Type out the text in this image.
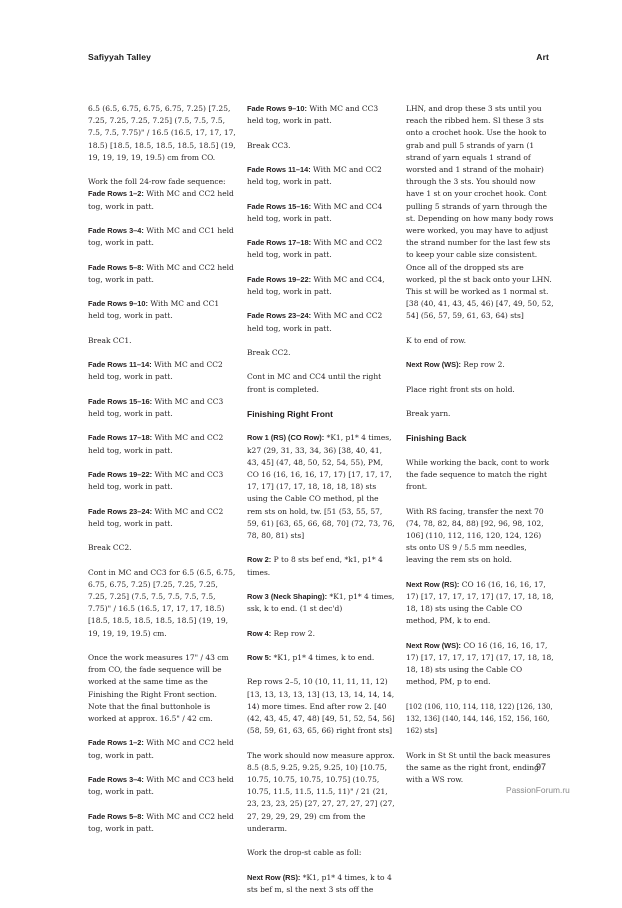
Safiyyah Talley	Art

6.5 (6.5, 6.75, 6.75, 6.75, 7.25) [7.25, 7.25, 7.25, 7.25, 7.25] (7.5, 7.5, 7.5, 7.5, 7.5, 7.75)" / 16.5 (16.5, 17, 17, 17, 18.5) [18.5, 18.5, 18.5, 18.5, 18.5] (19, 19, 19, 19, 19, 19.5) cm from CO.

Work the foll 24-row fade sequence:

Fade Rows 1–2: With MC and CC2 held tog, work in patt.

Fade Rows 3–4: With MC and CC1 held tog, work in patt.

Fade Rows 5–8: With MC and CC2 held tog, work in patt.

Fade Rows 9–10: With MC and CC1 held tog, work in patt.

Break CC1.

Fade Rows 11–14: With MC and CC2 held tog, work in patt.

Fade Rows 15–16: With MC and CC3 held tog, work in patt.

Fade Rows 17–18: With MC and CC2 held tog, work in patt.

Fade Rows 19–22: With MC and CC3 held tog, work in patt.

Fade Rows 23–24: With MC and CC2 held tog, work in patt.

Break CC2.

Cont in MC and CC3 for 6.5 (6.5, 6.75, 6.75, 6.75, 7.25) [7.25, 7.25, 7.25, 7.25, 7.25] (7.5, 7.5, 7.5, 7.5, 7.5, 7.75)" / 16.5 (16.5, 17, 17, 17, 18.5) [18.5, 18.5, 18.5, 18.5, 18.5] (19, 19, 19, 19, 19, 19.5) cm.

Once the work measures 17" / 43 cm from CO, the fade sequence will be worked at the same time as the Finishing the Right Front section. Note that the final buttonhole is worked at approx. 16.5" / 42 cm.

Fade Rows 1–2: With MC and CC2 held tog, work in patt.

Fade Rows 3–4: With MC and CC3 held tog, work in patt.

Fade Rows 5–8: With MC and CC2 held tog, work in patt.

Fade Rows 9–10: With MC and CC3 held tog, work in patt.

Break CC3.

Fade Rows 11–14: With MC and CC2 held tog, work in patt.

Fade Rows 15–16: With MC and CC4 held tog, work in patt.

Fade Rows 17–18: With MC and CC2 held tog, work in patt.

Fade Rows 19–22: With MC and CC4, held tog, work in patt.

Fade Rows 23–24: With MC and CC2 held tog, work in patt.

Break CC2.

Cont in MC and CC4 until the right front is completed.

Finishing Right Front

Row 1 (RS) (CO Row): *K1, p1* 4 times, k27 (29, 31, 33, 34, 36) [38, 40, 41, 43, 45] (47, 48, 50, 52, 54, 55), PM, CO 16 (16, 16, 16, 17, 17) [17, 17, 17, 17, 17] (17, 17, 18, 18, 18, 18) sts using the Cable CO method, pl the rem sts on hold, tw. [51 (53, 55, 57, 59, 61) [63, 65, 66, 68, 70] (72, 73, 76, 78, 80, 81) sts]

Row 2: P to 8 sts bef end, *k1, p1* 4 times.

Row 3 (Neck Shaping): *K1, p1* 4 times, ssk, k to end. (1 st dec'd)

Row 4: Rep row 2.

Row 5: *K1, p1* 4 times, k to end.

Rep rows 2–5, 10 (10, 11, 11, 11, 12) [13, 13, 13, 13, 13] (13, 13, 14, 14, 14, 14) more times. End after row 2. [40 (42, 43, 45, 47, 48) [49, 51, 52, 54, 56] (58, 59, 61, 63, 65, 66) right front sts]

The work should now measure approx. 8.5 (8.5, 9.25, 9.25, 9.25, 10) [10.75, 10.75, 10.75, 10.75, 10.75] (10.75, 10.75, 11.5, 11.5, 11.5, 11)" / 21 (21, 23, 23, 23, 25) [27, 27, 27, 27, 27] (27, 27, 29, 29, 29, 29) cm from the underarm.

Work the drop-st cable as foll:

Next Row (RS): *K1, p1* 4 times, k to 4 sts bef m, sl the next 3 sts off the

LHN, and drop these 3 sts until you reach the ribbed hem. Sl these 3 sts onto a crochet hook. Use the hook to grab and pull 5 strands of yarn (1 strand of yarn equals 1 strand of worsted and 1 strand of the mohair) through the 3 sts. You should now have 1 st on your crochet hook. Cont pulling 5 strands of yarn through the st. Depending on how many body rows were worked, you may have to adjust the strand number for the last few sts to keep your cable size consistent. Once all of the dropped sts are worked, pl the st back onto your LHN. This st will be worked as 1 normal st. [38 (40, 41, 43, 45, 46) [47, 49, 50, 52, 54] (56, 57, 59, 61, 63, 64) sts]

K to end of row.

Next Row (WS): Rep row 2.

Place right front sts on hold.

Break yarn.

Finishing Back

While working the back, cont to work the fade sequence to match the right front.

With RS facing, transfer the next 70 (74, 78, 82, 84, 88) [92, 96, 98, 102, 106] (110, 112, 116, 120, 124, 126) sts onto US 9 / 5.5 mm needles, leaving the rem sts on hold.

Next Row (RS): CO 16 (16, 16, 16, 17, 17) [17, 17, 17, 17, 17] (17, 17, 18, 18, 18, 18) sts using the Cable CO method, PM, k to end.

Next Row (WS): CO 16 (16, 16, 16, 17, 17) [17, 17, 17, 17, 17] (17, 17, 18, 18, 18, 18) sts using the Cable CO method, PM, p to end.

[102 (106, 110, 114, 118, 122) [126, 130, 132, 136] (140, 144, 146, 152, 156, 160, 162) sts]

Work in St St until the back measures the same as the right front, ending with a WS row.

97
PassionForum.ru
